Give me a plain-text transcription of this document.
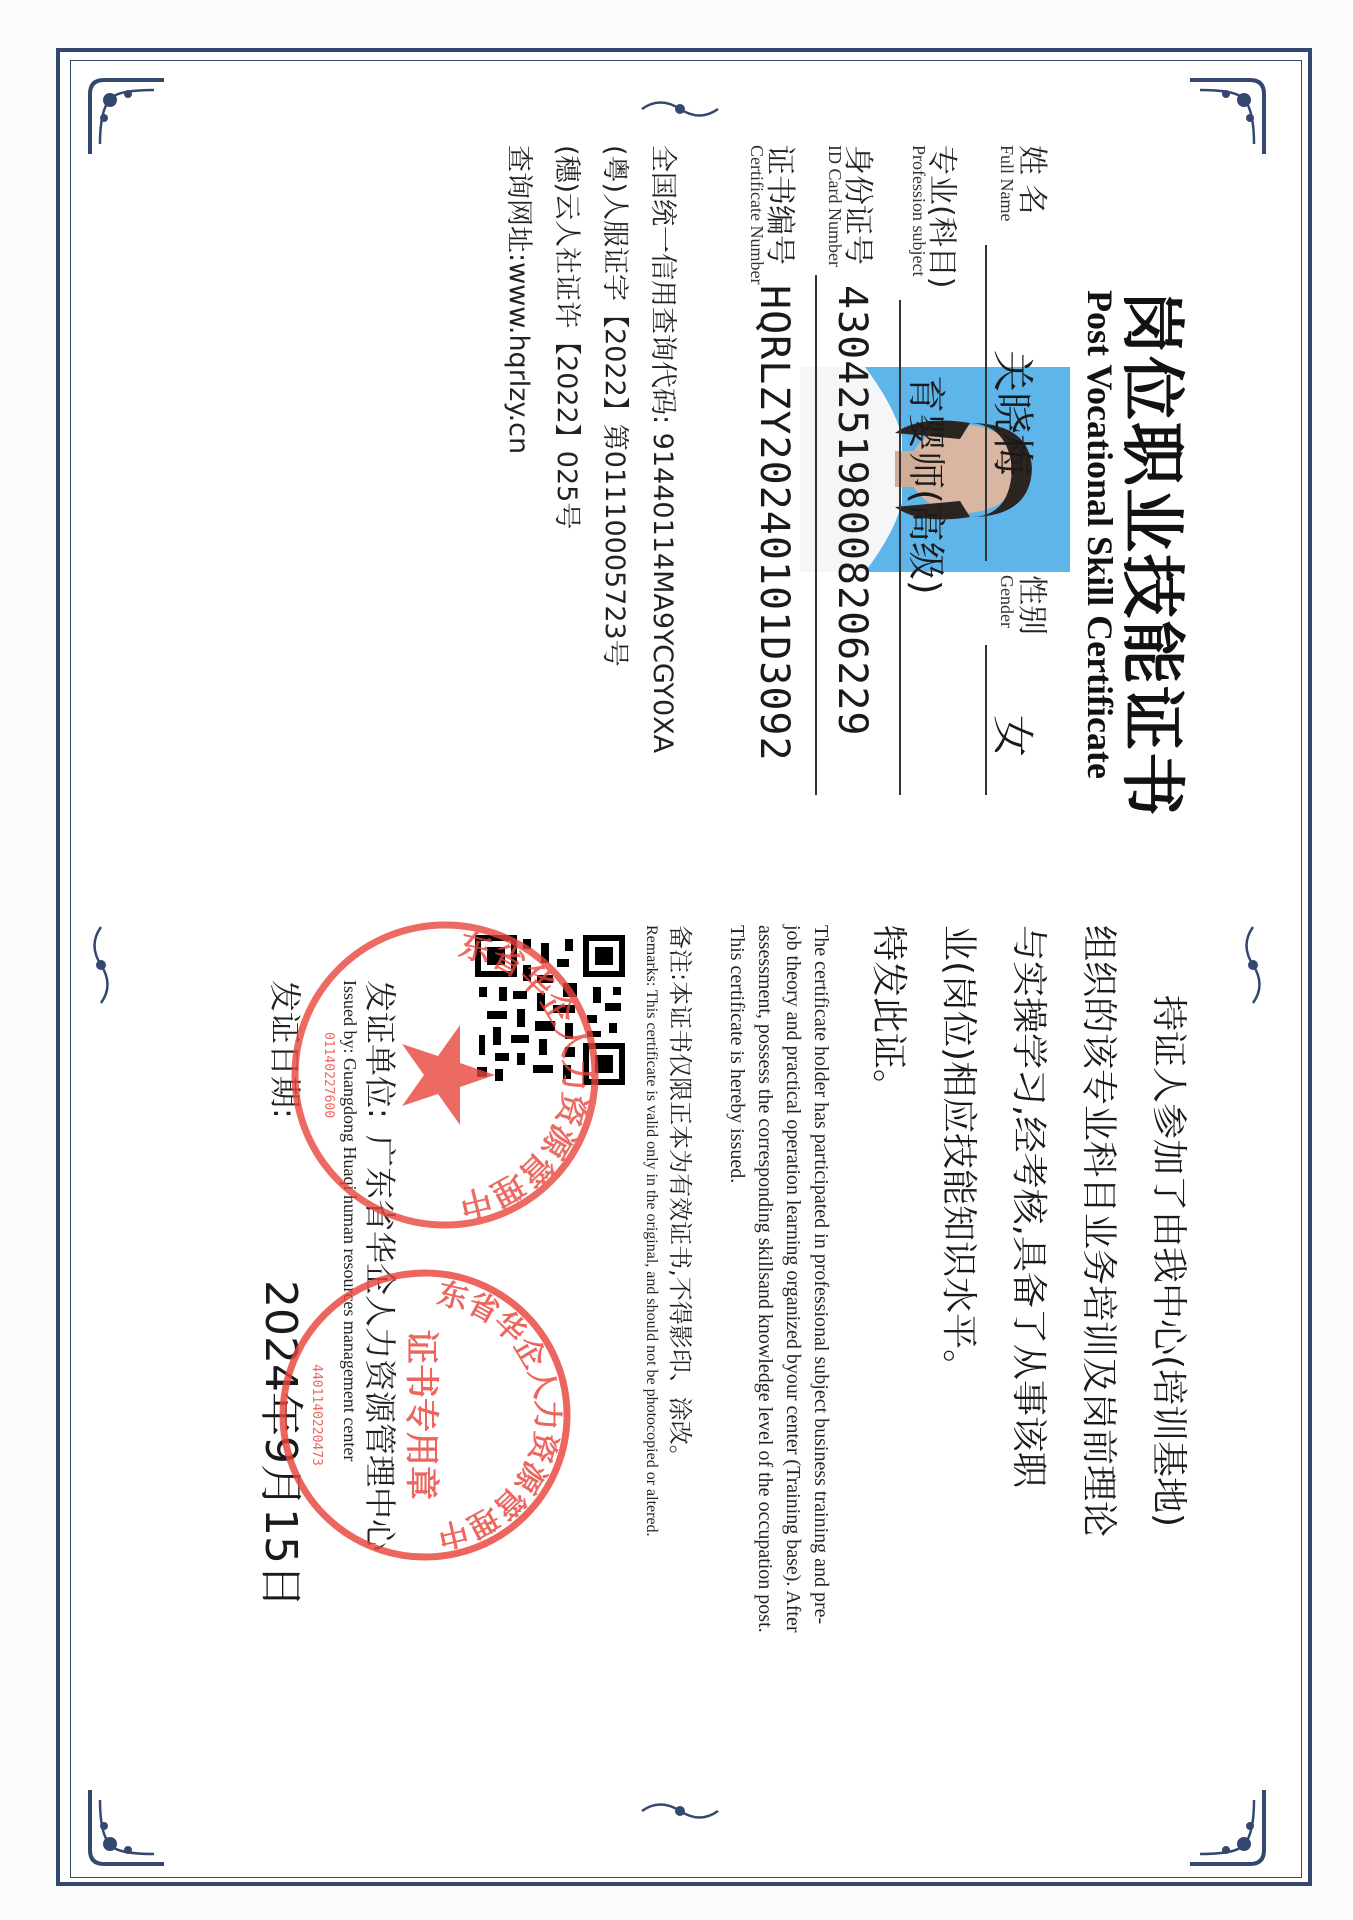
岗位职业技能证书
Post Vocational Skill Certificate
姓 名
Full Name
关晓梅
性别
Gender
女
专业(科目)
Profession subject
育婴师(高级)
身份证号
ID Card Number
430425198008206229
证书编号
Certificate Number
HQRLZY20240101D3092
全国统一信用查询代码: 91440114MA9YCGY0XA
(粤)人服证字【2022】第01110005723号
(穗)云人社证许【2022】025号
查询网址:www.hqrlzy.cn
持证人参加了由我中心(培训基地)
组织的该专业科目业务培训及岗前理论
与实操学习,经考核,具备了从事该职
业(岗位)相应技能知识水平。
特发此证。
The certificate holder has participated in professional subject business training and pre-job theory and practical operation learning organized byour center (Training base). After assessment, possess the corresponding skillsand knowledge level of the occupation post. This certificate is hereby issued.
备注:本证书仅限正本为有效证书,不得影印、涂改。
Remarks: This certificate is valid only in the original, and should not be photocopied or altered.
发证单位:
广东省华企人力资源管理中心
Issued by: Guangdong Huaqi human resources management center
发证日期:
2024年9月15日
东省华企人力资源管理中
01140227600
东省华企人力资源管理中
证书专用章
4401140220473
